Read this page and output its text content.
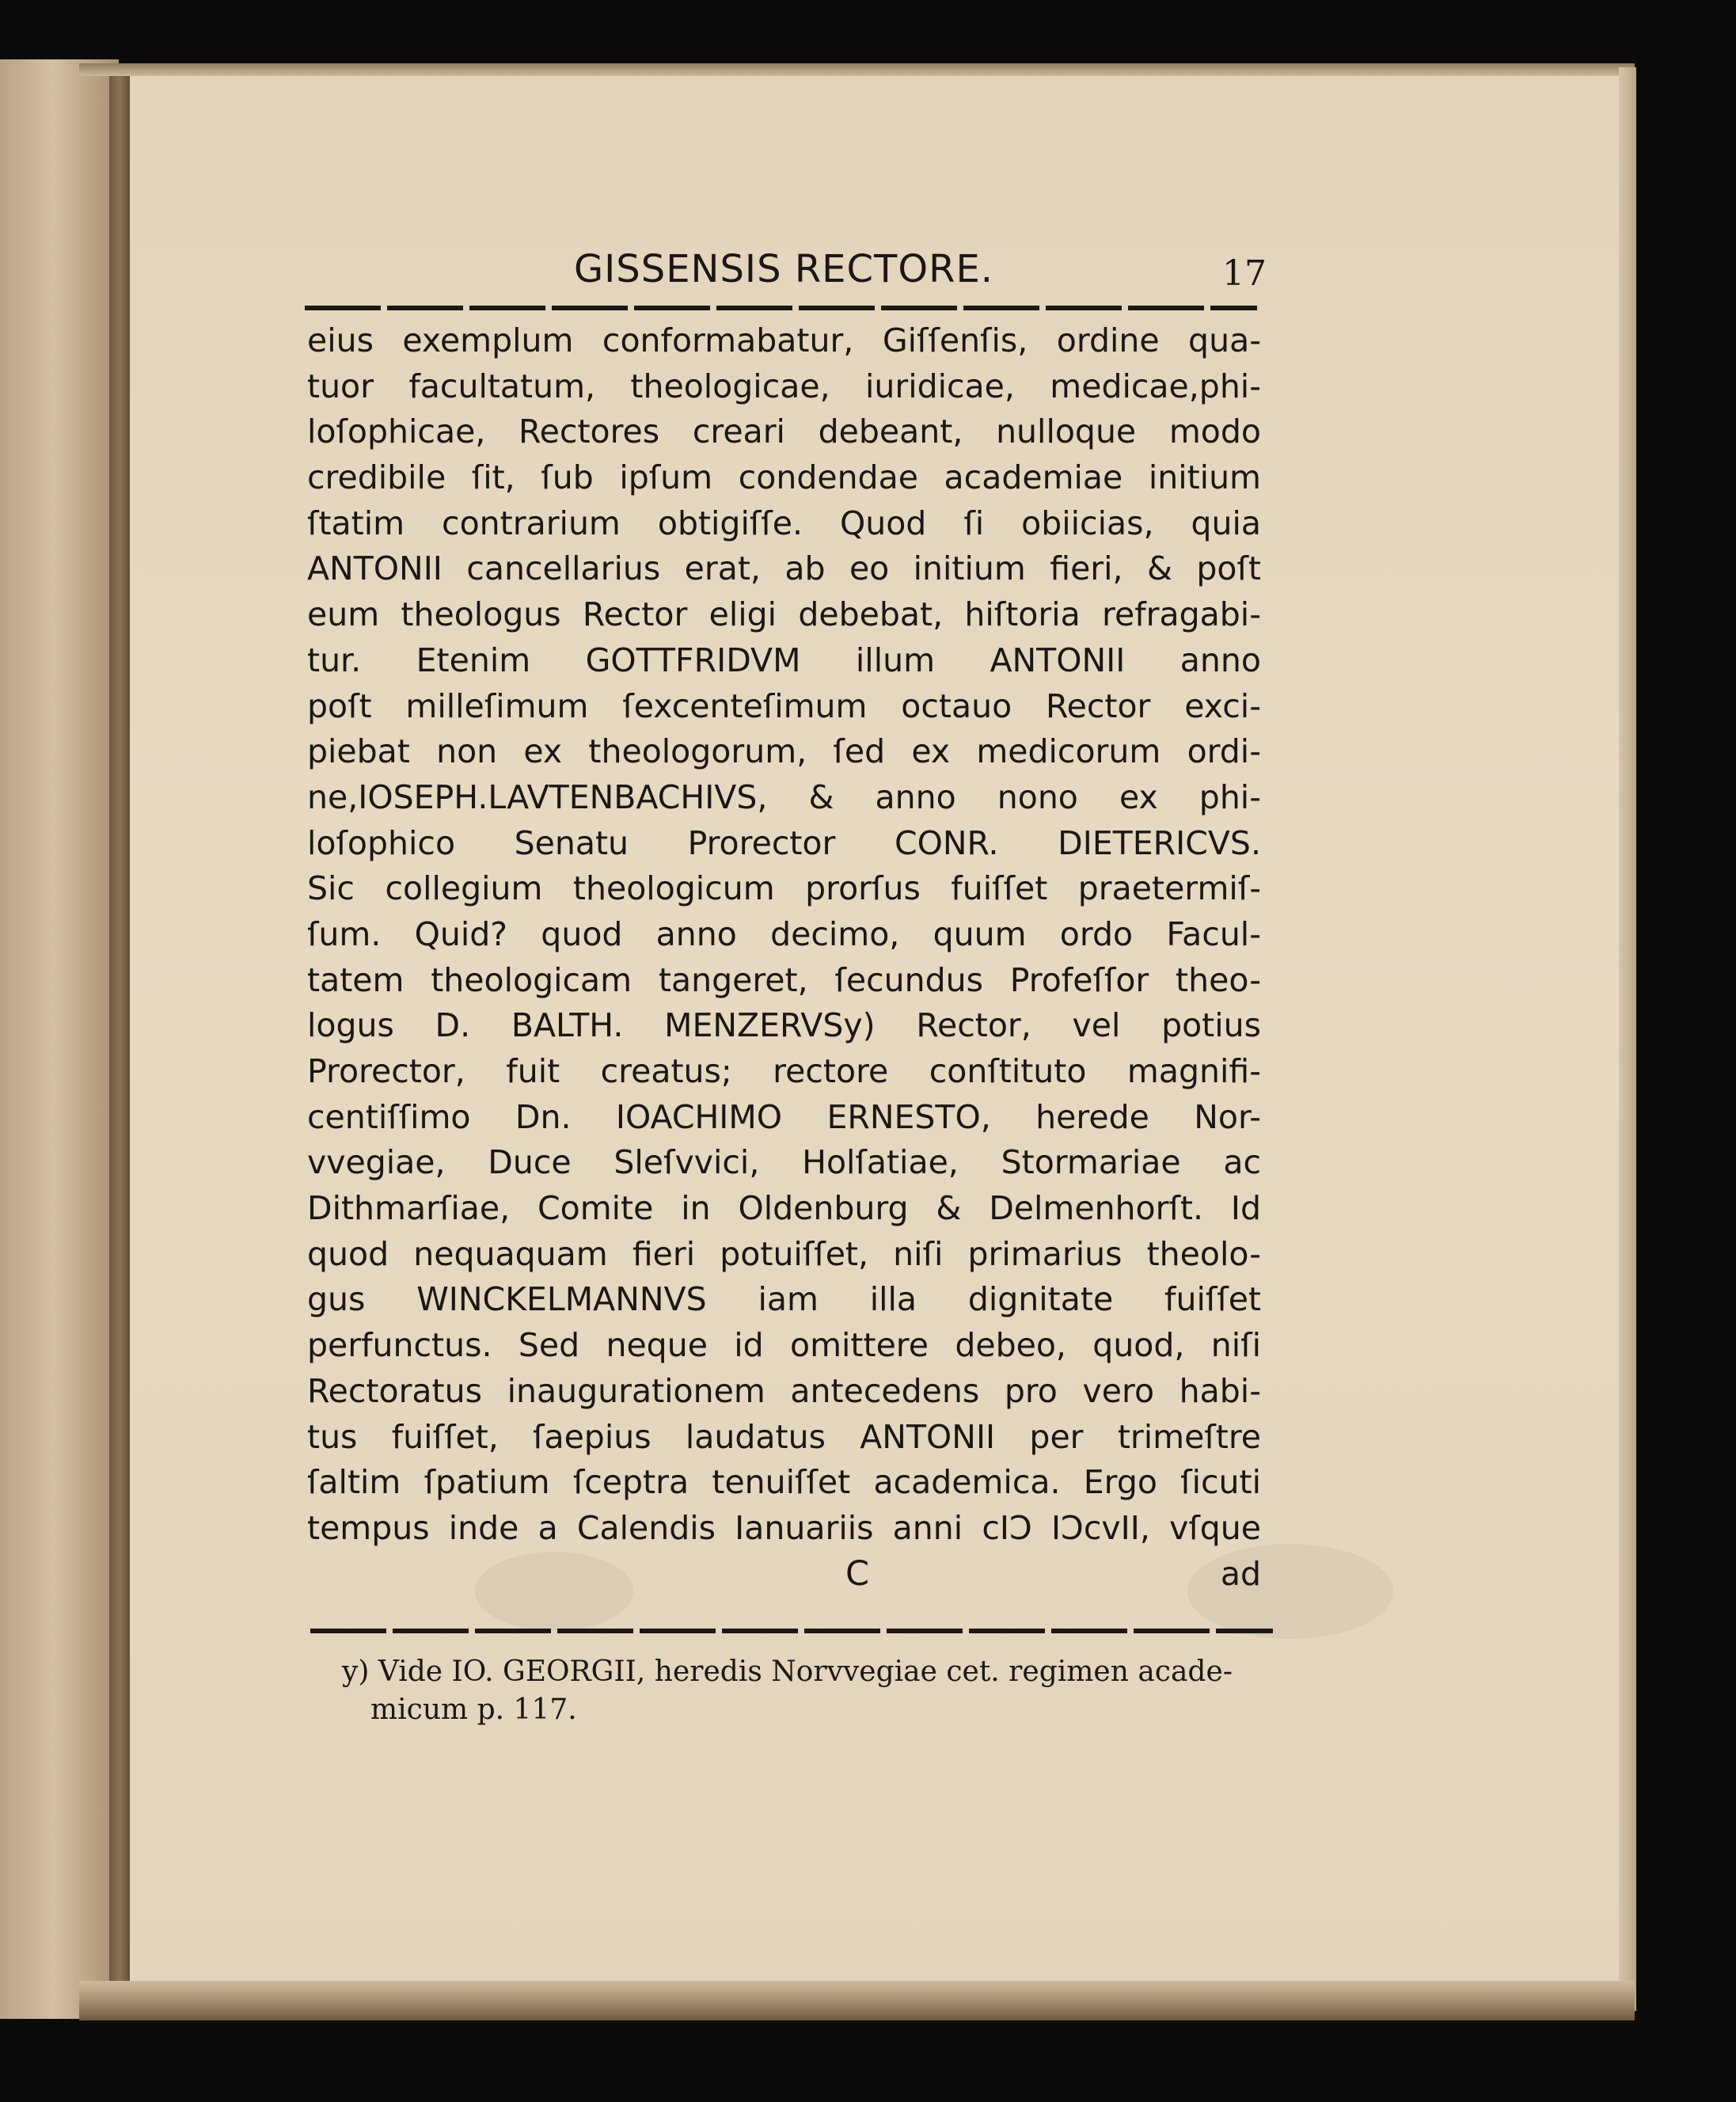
GISSENSIS RECTORE.	17
eius exemplum conformabatur, Giſſenſis, ordine qua-
tuor facultatum, theologicae, iuridicae, medicae,phi-
loſophicae, Rectores creari debeant, nulloque modo
credibile ſit, ſub ipſum condendae academiae initium
ſtatim contrarium obtigiſſe. Quod ſi obiicias, quia
ANTONII cancellarius erat, ab eo initium fieri, & poſt
eum theologus Rector eligi debebat, hiſtoria refragabi-
tur. Etenim GOTTFRIDVM illum ANTONII anno
poſt milleſimum ſexcenteſimum octauo Rector exci-
piebat non ex theologorum, ſed ex medicorum ordi-
ne,IOSEPH.LAVTENBACHIVS, & anno nono ex phi-
loſophico Senatu Prorector CONR. DIETERICVS.
Sic collegium theologicum prorſus fuiſſet praetermiſ-
ſum. Quid? quod anno decimo, quum ordo Facul-
tatem theologicam tangeret, ſecundus Profeſſor theo-
logus D. BALTH. MENZERVSy) Rector, vel potius
Prorector, fuit creatus; rectore conſtituto magnifi-
centiſſimo Dn. IOACHIMO ERNESTO, herede Nor-
vvegiae, Duce Sleſvvici, Holſatiae, Stormariae ac
Dithmarſiae, Comite in Oldenburg & Delmenhorſt. Id
quod nequaquam fieri potuiſſet, niſi primarius theolo-
gus WINCKELMANNVS iam illa dignitate fuiſſet
perfunctus. Sed neque id omittere debeo, quod, niſi
Rectoratus inaugurationem antecedens pro vero habi-
tus fuiſſet, ſaepius laudatus ANTONII per trimeſtre
ſaltim ſpatium ſceptra tenuiſſet academica. Ergo ſicuti
tempus inde a Calendis Ianuariis anni cIↃ IↃcvII, vſque
C	ad
y) Vide IO. GEORGII, heredis Norvvegiae cet. regimen acade-
micum p. 117.
